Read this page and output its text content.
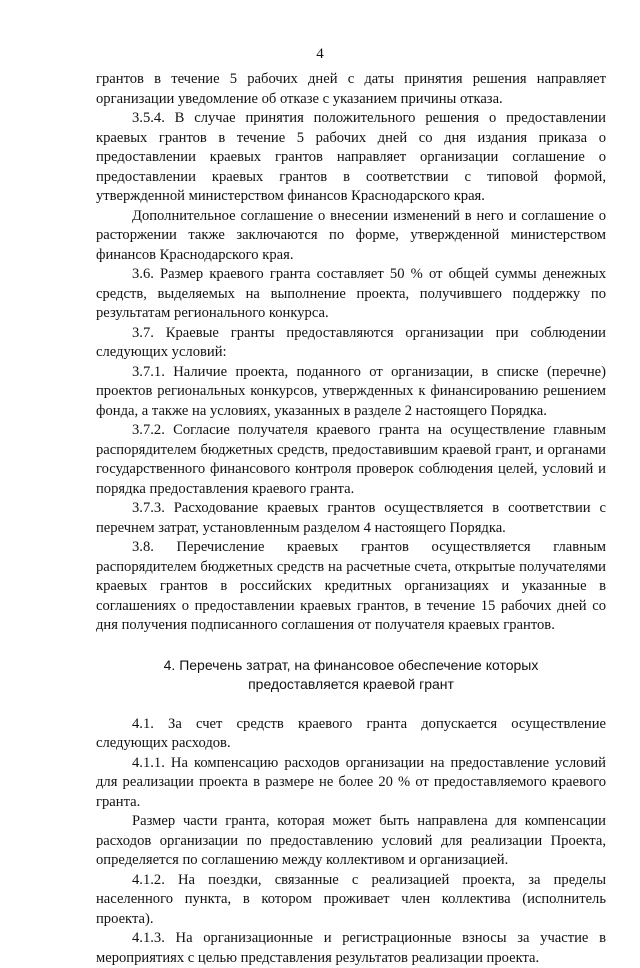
4

грантов в течение 5 рабочих дней с даты принятия решения направляет организации уведомление об отказе с указанием причины отказа.

3.5.4. В случае принятия положительного решения о предоставлении краевых грантов в течение 5 рабочих дней со дня издания приказа о предоставлении краевых грантов направляет организации соглашение о предоставлении краевых грантов в соответствии с типовой формой, утвержденной министерством финансов Краснодарского края.

Дополнительное соглашение о внесении изменений в него и соглашение о расторжении также заключаются по форме, утвержденной министерством финансов Краснодарского края.

3.6. Размер краевого гранта составляет 50 % от общей суммы денежных средств, выделяемых на выполнение проекта, получившего поддержку по результатам регионального конкурса.

3.7. Краевые гранты предоставляются организации при соблюдении следующих условий:

3.7.1. Наличие проекта, поданного от организации, в списке (перечне) проектов региональных конкурсов, утвержденных к финансированию решением фонда, а также на условиях, указанных в разделе 2 настоящего Порядка.

3.7.2. Согласие получателя краевого гранта на осуществление главным распорядителем бюджетных средств, предоставившим краевой грант, и органами государственного финансового контроля проверок соблюдения целей, условий и порядка предоставления краевого гранта.

3.7.3. Расходование краевых грантов осуществляется в соответствии с перечнем затрат, установленным разделом 4 настоящего Порядка.

3.8. Перечисление краевых грантов осуществляется главным распорядителем бюджетных средств на расчетные счета, открытые получателями краевых грантов в российских кредитных организациях и указанные в соглашениях о предоставлении краевых грантов, в течение 15 рабочих дней со дня получения подписанного соглашения от получателя краевых грантов.

4. Перечень затрат, на финансовое обеспечение которых
предоставляется краевой грант

4.1. За счет средств краевого гранта допускается осуществление следующих расходов.

4.1.1. На компенсацию расходов организации на предоставление условий для реализации проекта в размере не более 20 % от предоставляемого краевого гранта.

Размер части гранта, которая может быть направлена для компенсации расходов организации по предоставлению условий для реализации Проекта, определяется по соглашению между коллективом и организацией.

4.1.2. На поездки, связанные с реализацией проекта, за пределы населенного пункта, в котором проживает член коллектива (исполнитель проекта).

4.1.3. На организационные и регистрационные взносы за участие в мероприятиях с целью представления результатов реализации проекта.
